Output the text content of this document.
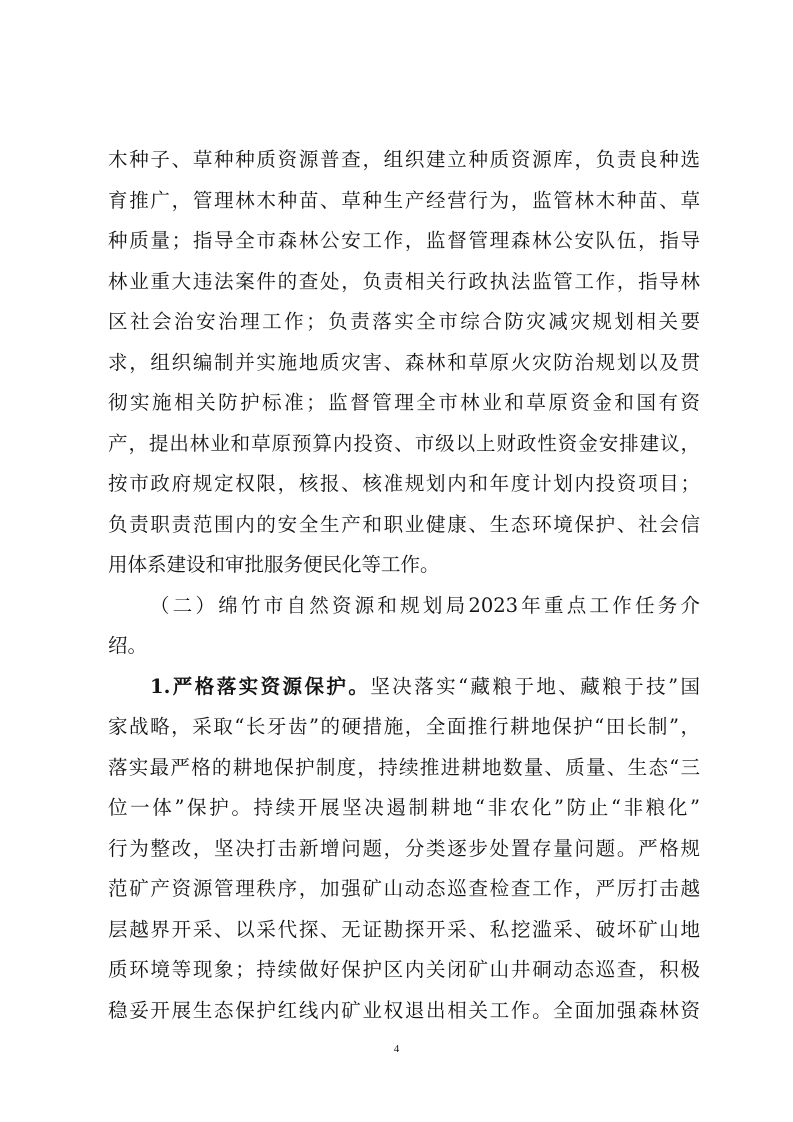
木种子、草种种质资源普查，组织建立种质资源库，负责良种选
育推广，管理林木种苗、草种生产经营行为，监管林木种苗、草
种质量；指导全市森林公安工作，监督管理森林公安队伍，指导
林业重大违法案件的查处，负责相关行政执法监管工作，指导林
区社会治安治理工作；负责落实全市综合防灾减灾规划相关要
求，组织编制并实施地质灾害、森林和草原火灾防治规划以及贯
彻实施相关防护标准；监督管理全市林业和草原资金和国有资
产，提出林业和草原预算内投资、市级以上财政性资金安排建议，
按市政府规定权限，核报、核准规划内和年度计划内投资项目；
负责职责范围内的安全生产和职业健康、生态环境保护、社会信
用体系建设和审批服务便民化等工作。
（二）绵竹市自然资源和规划局2023年重点工作任务介
绍。
1.严格落实资源保护。坚决落实“藏粮于地、藏粮于技”国
家战略，采取“长牙齿”的硬措施，全面推行耕地保护“田长制”，
落实最严格的耕地保护制度，持续推进耕地数量、质量、生态“三
位一体”保护。持续开展坚决遏制耕地“非农化”防止“非粮化”
行为整改，坚决打击新增问题，分类逐步处置存量问题。严格规
范矿产资源管理秩序，加强矿山动态巡查检查工作，严厉打击越
层越界开采、以采代探、无证勘探开采、私挖滥采、破坏矿山地
质环境等现象；持续做好保护区内关闭矿山井硐动态巡查，积极
稳妥开展生态保护红线内矿业权退出相关工作。全面加强森林资
4
